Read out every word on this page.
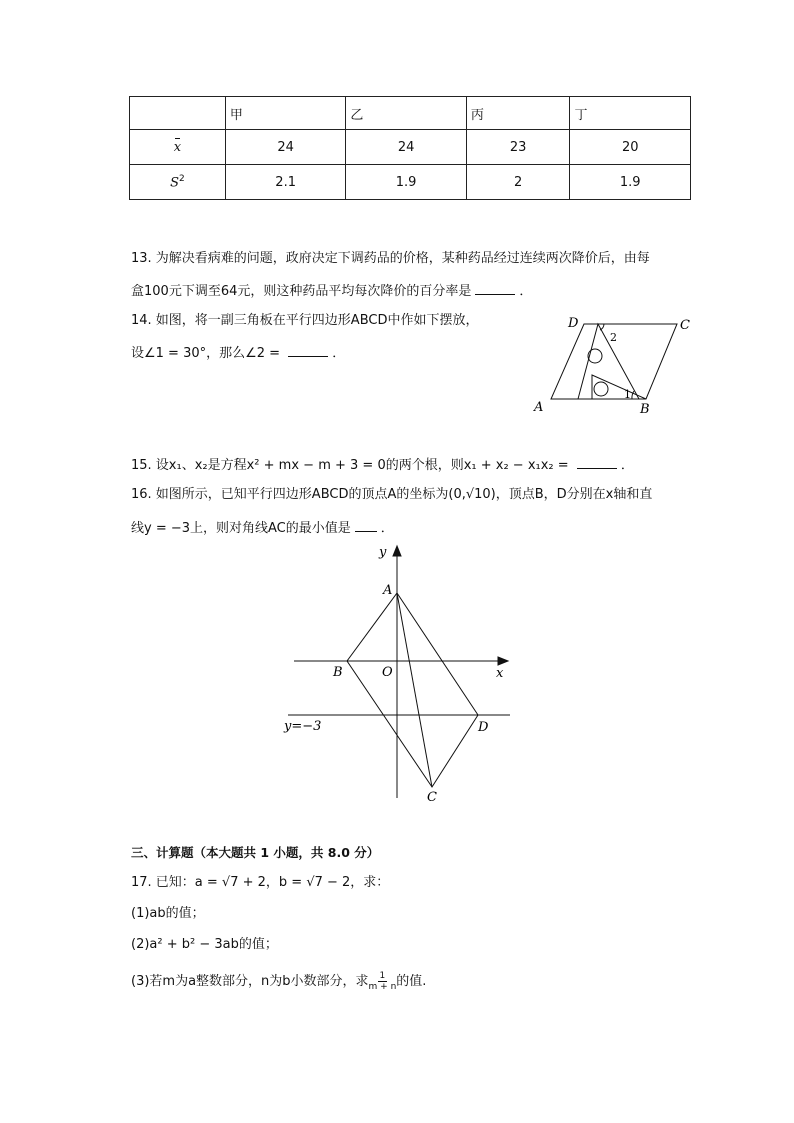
	甲	乙	丙	丁
x	24	24	23	20
$S^2$	2.1	1.9	2	1.9
13. 为解决看病难的问题，政府决定下调药品的价格，某种药品经过连续两次降价后，由每
盒100元下调至64元，则这种药品平均每次降价的百分率是	．
14. 如图，将一副三角板在平行四边形ABCD中作如下摆放，
设∠1 = 30°，那么∠2 =	．
D	C
A	B
2
1
15. 设x₁、x₂是方程x² + mx − m + 3 = 0的两个根，则x₁ + x₂ − x₁x₂ =	．
16. 如图所示，已知平行四边形ABCD的顶点A的坐标为(0,√10)，顶点B，D分别在x轴和直
线y = −3上，则对角线AC的最小值是 ．
y
x
A
B	O
D
C
y=−3
三、计算题（本大题共 1 小题，共 8.0 分）
17. 已知：a = √7 + 2，b = √7 − 2，求：
(1)ab的值；
(2)a² + b² − 3ab的值；
(3)若m为a整数部分，n为b小数部分，求 $\frac{1}{m + n}$ 的值.
